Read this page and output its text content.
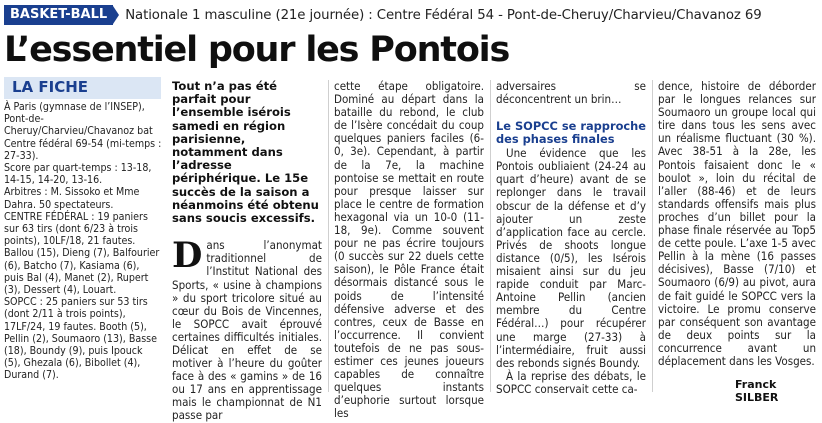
BASKET-BALL	Nationale 1 masculine (21e journée) : Centre Fédéral 54 - Pont-de-Cheruy/Charvieu/Chavanoz 69
L’essentiel pour les Pontois
LA FICHE

À Paris (gymnase de l’INSEP), Pont-de-Cheruy/Charvieu/Chavanoz bat Centre fédéral 69-54 (mi-temps : 27-33).

Score par quart-temps : 13-18, 14-15, 14-20, 13-16.

Arbitres : M. Sissoko et Mme Dahra. 50 spectateurs.

CENTRE FÉDÉRAL : 19 paniers sur 63 tirs (dont 6/23 à trois points), 10LF/18, 21 fautes. Ballou (15), Dieng (7), Balfourier (6), Batcho (7), Kasiama (6), puis Bal (4), Manet (2), Rupert (3), Dessert (4), Louart.

SOPCC : 25 paniers sur 53 tirs (dont 2/11 à trois points), 17LF/24, 19 fautes. Booth (5), Pellin (2), Soumaoro (13), Basse (18), Boundy (9), puis Ipouck (5), Ghezala (6), Bibollet (4), Durand (7).

Tout n’a pas été parfait pour l’ensemble isérois samedi en région parisienne, notamment dans l’adresse périphérique. Le 15e succès de la saison a néanmoins été obtenu sans soucis excessifs.

Dans l’anonymat traditionnel de l’Institut National des Sports, « usine à champions » du sport tricolore situé au cœur du Bois de Vincennes, le SOPCC avait éprouvé certaines difficultés initiales. Délicat en effet de se motiver à l’heure du goûter face à des « gamins » de 16 ou 17 ans en apprentissage mais le championnat de N1 passe par

cette étape obligatoire. Dominé au départ dans la bataille du rebond, le club de l’Isère concédait du coup quelques paniers faciles (6-0, 3e). Cependant, à partir de la 7e, la machine pontoise se mettait en route pour presque laisser sur place le centre de formation hexagonal via un 10-0 (11-18, 9e). Comme souvent pour ne pas écrire toujours (0 succès sur 22 duels cette saison), le Pôle France était désormais distancé sous le poids de l’intensité défensive adverse et des contres, ceux de Basse en l’occurrence. Il convient toutefois de ne pas sous-estimer ces jeunes joueurs capables de connaître quelques instants d’euphorie surtout lorsque les

adversaires se déconcentrent un brin…

Le SOPCC se rapproche des phases finales

Une évidence que les Pontois oubliaient (24-24 au quart d’heure) avant de se replonger dans le travail obscur de la défense et d’y ajouter un zeste d’application face au cercle. Privés de shoots longue distance (0/5), les Isérois misaient ainsi sur du jeu rapide conduit par Marc-Antoine Pellin (ancien membre du Centre Fédéral…) pour récupérer une marge (27-33) à l’intermédiaire, fruit aussi des rebonds signés Boundy.

À la reprise des débats, le SOPCC conservait cette ca-

dence, histoire de déborder par le longues relances sur Soumaoro un groupe local qui tire dans tous les sens avec un réalisme fluctuant (30 %). Avec 38-51 à la 28e, les Pontois faisaient donc le « boulot », loin du récital de l’aller (88-46) et de leurs standards offensifs mais plus proches d’un billet pour la phase finale réservée au Top5 de cette poule. L’axe 1-5 avec Pellin à la mène (16 passes décisives), Basse (7/10) et Soumaoro (6/9) au pivot, aura de fait guidé le SOPCC vers la victoire. Le promu conserve par conséquent son avantage de deux points sur la concurrence avant un déplacement dans les Vosges.

Franck SILBER
